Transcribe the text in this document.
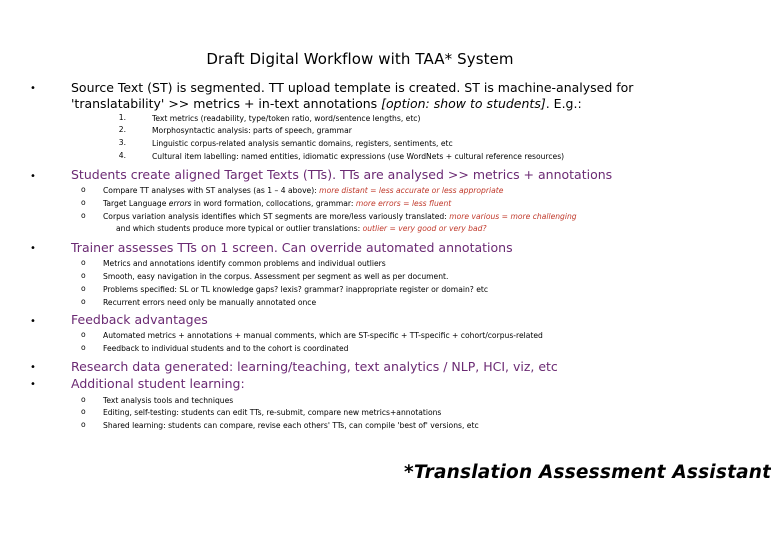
Draft Digital Workflow with TAA* System
•	Source Text (ST) is segmented. TT upload template is created. ST is machine-analysed for
'translatability' >> metrics + in-text annotations [option: show to students]. E.g.:
1.	Text metrics (readability, type/token ratio, word/sentence lengths, etc)
2.	Morphosyntactic analysis: parts of speech, grammar
3.	Linguistic corpus-related analysis semantic domains, registers, sentiments, etc
4.	Cultural item labelling: named entities, idiomatic expressions (use WordNets + cultural reference resources)
•	Students create aligned Target Texts (TTs). TTs are analysed >> metrics + annotations
o Compare TT analyses with ST analyses (as 1 – 4 above): more distant = less accurate or less appropriate
o Target Language errors in word formation, collocations, grammar: more errors = less fluent
o Corpus variation analysis identifies which ST segments are more/less variously translated: more various = more challenging
and which students produce more typical or outlier translations: outlier = very good or very bad?
•	Trainer assesses TTs on 1 screen. Can override automated annotations
o Metrics and annotations identify common problems and individual outliers
o Smooth, easy navigation in the corpus. Assessment per segment as well as per document.
o Problems specified: SL or TL knowledge gaps? lexis? grammar? inappropriate register or domain? etc
o Recurrent errors need only be manually annotated once
•	Feedback advantages
o Automated metrics + annotations + manual comments, which are ST-specific + TT-specific + cohort/corpus-related
o Feedback to individual students and to the cohort is coordinated
•	Research data generated: learning/teaching, text analytics / NLP, HCI, viz, etc
•	Additional student learning:
o Text analysis tools and techniques
o Editing, self-testing: students can edit TTs, re-submit, compare new metrics+annotations
o Shared learning: students can compare, revise each others' TTs, can compile 'best of' versions, etc
*Translation Assessment Assistant
